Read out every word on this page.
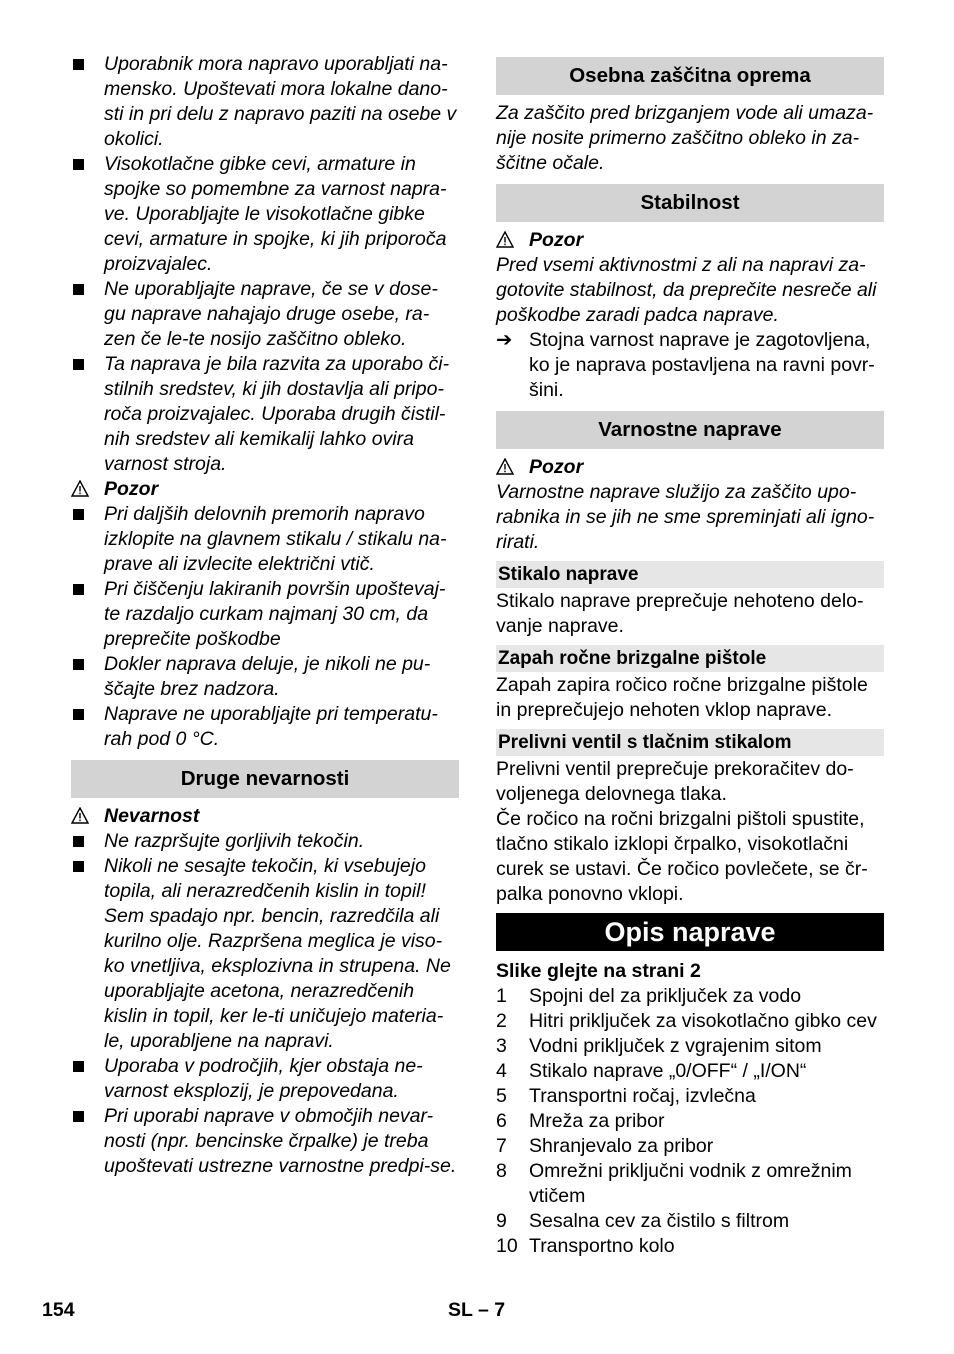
Uporabnik mora napravo uporabljati na-mensko. Upoštevati mora lokalne dano-sti in pri delu z napravo paziti na osebe v okolici.
Visokotlačne gibke cevi, armature in spojke so pomembne za varnost napra-ve. Uporabljajte le visokotlačne gibke cevi, armature in spojke, ki jih priporoča proizvajalec.
Ne uporabljajte naprave, če se v dose-gu naprave nahajajo druge osebe, ra-zen če le-te nosijo zaščitno obleko.
Ta naprava je bila razvita za uporabo či-stilnih sredstev, ki jih dostavlja ali pripo-roča proizvajalec. Uporaba drugih čistil-nih sredstev ali kemikalij lahko ovira varnost stroja.
Pozor
Pri daljših delovnih premorih napravo izklopite na glavnem stikalu / stikalu na-prave ali izvlecite električni vtič.
Pri čiščenju lakiranih površin upoštevaj-te razdaljo curkam najmanj 30 cm, da preprečite poškodbe
Dokler naprava deluje, je nikoli ne pu-ščajte brez nadzora.
Naprave ne uporabljajte pri temperatu-rah pod 0 °C.
Druge nevarnosti
Nevarnost
Ne razpršujte gorljivih tekočin.
Nikoli ne sesajte tekočin, ki vsebujejo topila, ali nerazredčenih kislin in topil! Sem spadajo npr. bencin, razredčila ali kurilno olje. Razpršena meglica je viso-ko vnetljiva, eksplozivna in strupena. Ne uporabljajte acetona, nerazredčenih kislin in topil, ker le-ti uničujejo materia-le, uporabljene na napravi.
Uporaba v področjih, kjer obstaja ne-varnost eksplozij, je prepovedana.
Pri uporabi naprave v območjih nevar-nosti (npr. bencinske črpalke) je treba upoštevati ustrezne varnostne predpi-se.
Osebna zaščitna oprema

Za zaščito pred brizganjem vode ali umaza-nije nosite primerno zaščitno obleko in za-ščitne očale.

Stabilnost
Pozor

Pred vsemi aktivnostmi z ali na napravi za-gotovite stabilnost, da preprečite nesreče ali poškodbe zaradi padca naprave.

➔ Stojna varnost naprave je zagotovljena, ko je naprava postavljena na ravni povr-šini.
Varnostne naprave
Pozor

Varnostne naprave služijo za zaščito upo-rabnika in se jih ne sme spreminjati ali igno-rirati.

Stikalo naprave

Stikalo naprave preprečuje nehoteno delo-vanje naprave.

Zapah ročne brizgalne pištole

Zapah zapira ročico ročne brizgalne pištole in preprečujejo nehoten vklop naprave.

Prelivni ventil s tlačnim stikalom

Prelivni ventil preprečuje prekoračitev do-voljenega delovnega tlaka.

Če ročico na ročni brizgalni pištoli spustite, tlačno stikalo izklopi črpalko, visokotlačni curek se ustavi. Če ročico povlečete, se čr-palka ponovno vklopi.

Opis naprave
Slike glejte na strani 2
1 Spojni del za priključek za vodo
2 Hitri priključek za visokotlačno gibko cev
3 Vodni priključek z vgrajenim sitom
4 Stikalo naprave „0/OFF“ / „I/ON“
5 Transportni ročaj, izvlečna
6 Mreža za pribor
7 Shranjevalo za pribor
8 Omrežni priključni vodnik z omrežnim vtičem
9 Sesalna cev za čistilo s filtrom
10 Transportno kolo
154	SL – 7
